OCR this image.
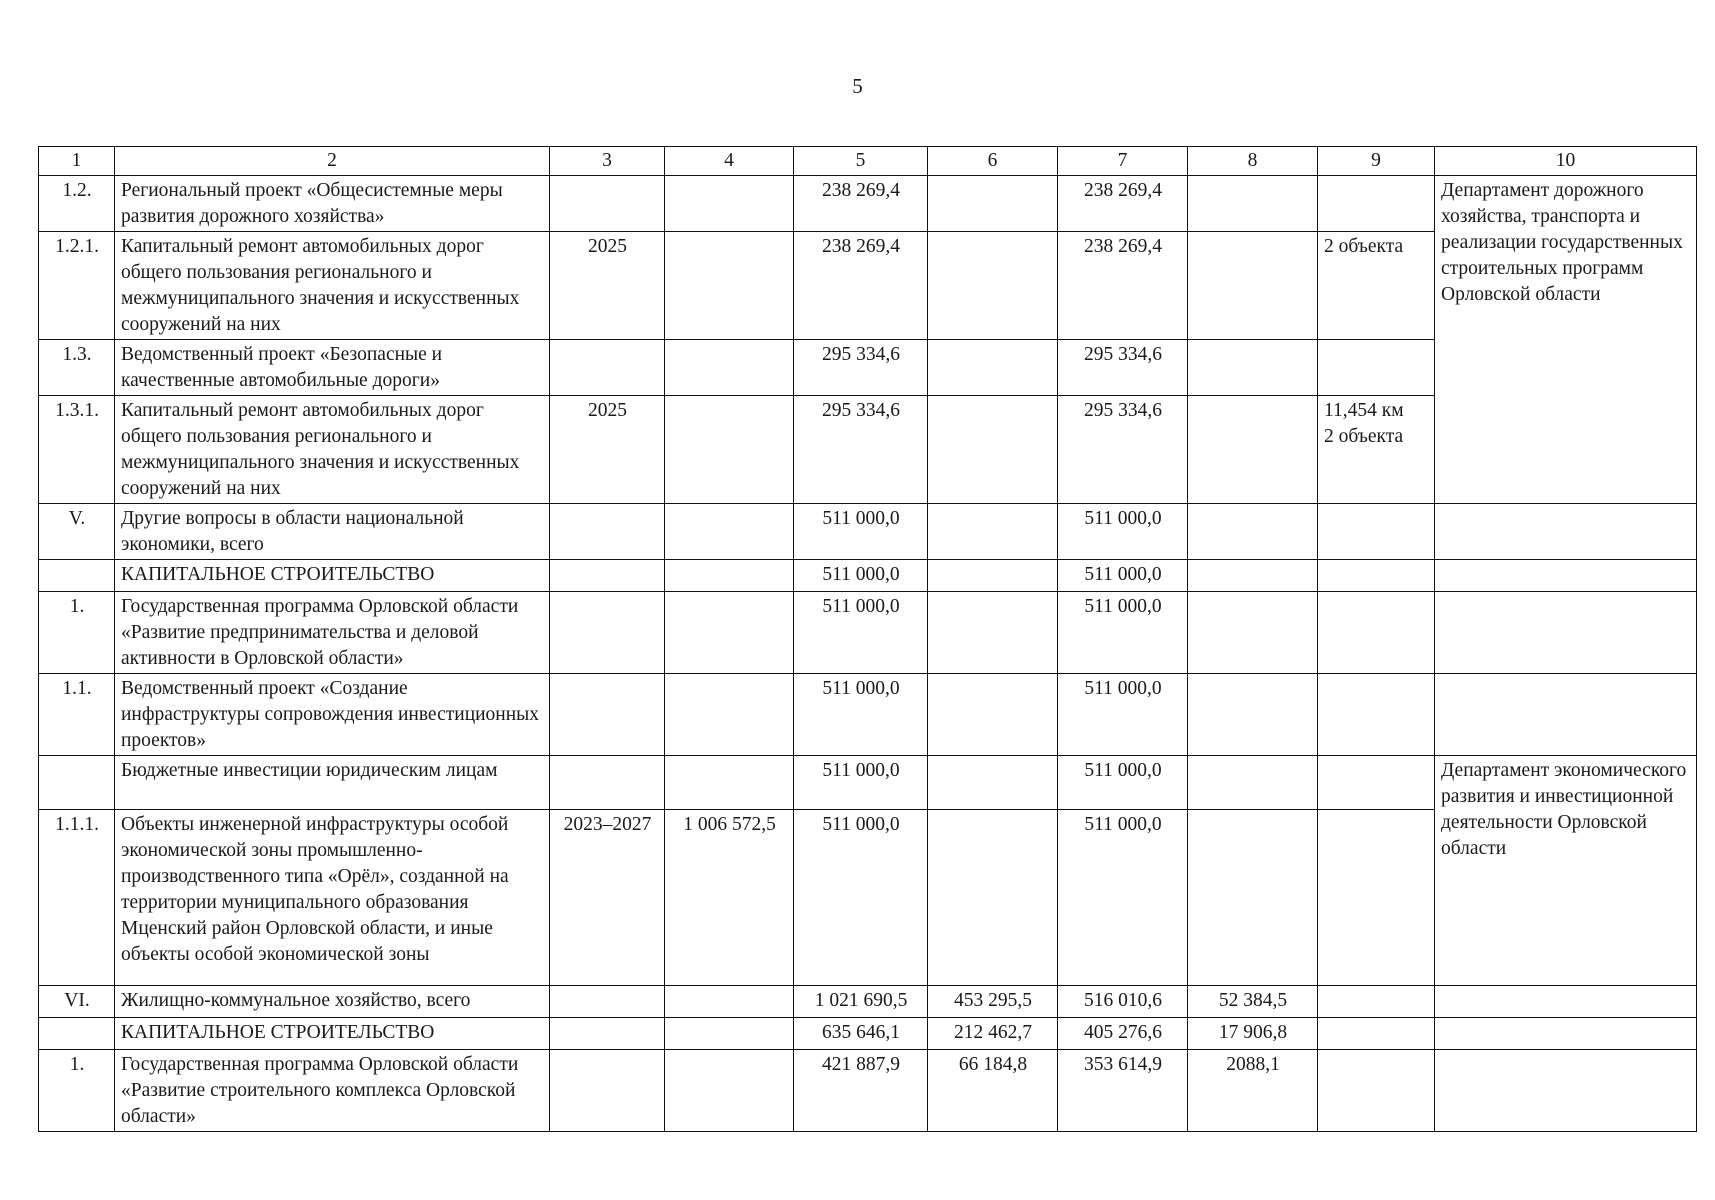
5
1	2	3	4	5	6	7	8	9	10
1.2.	Региональный проект «Общесистемные меры развития дорожного хозяйства»			238 269,4		238 269,4			Департамент дорожного хозяйства, транспорта и реализации государственных строительных программ Орловской области
1.2.1.	Капитальный ремонт автомобильных дорог общего пользования регионального и межмуниципального значения и искусственных сооружений на них	2025		238 269,4		238 269,4		2 объекта	
1.3.	Ведомственный проект «Безопасные и качественные автомобильные дороги»			295 334,6		295 334,6			
1.3.1.	Капитальный ремонт автомобильных дорог общего пользования регионального и межмуниципального значения и искусственных сооружений на них	2025		295 334,6		295 334,6		11,454 км
2 объекта	
V.	Другие вопросы в области национальной экономики, всего			511 000,0		511 000,0			
	КАПИТАЛЬНОЕ СТРОИТЕЛЬСТВО			511 000,0		511 000,0			
1.	Государственная программа Орловской области «Развитие предпринимательства и деловой активности в Орловской области»			511 000,0		511 000,0			
1.1.	Ведомственный проект «Создание инфраструктуры сопровождения инвестиционных проектов»			511 000,0		511 000,0			
	Бюджетные инвестиции юридическим лицам			511 000,0		511 000,0			Департамент экономического развития и инвестиционной деятельности Орловской области
1.1.1.	Объекты инженерной инфраструктуры особой экономической зоны промышленно-производственного типа «Орёл», созданной на территории муниципального образования Мценский район Орловской области, и иные объекты особой экономической зоны	2023–2027	1 006 572,5	511 000,0		511 000,0			
VI.	Жилищно-коммунальное хозяйство, всего			1 021 690,5	453 295,5	516 010,6	52 384,5		
	КАПИТАЛЬНОЕ СТРОИТЕЛЬСТВО			635 646,1	212 462,7	405 276,6	17 906,8		
1.	Государственная программа Орловской области «Развитие строительного комплекса Орловской области»			421 887,9	66 184,8	353 614,9	2088,1		
